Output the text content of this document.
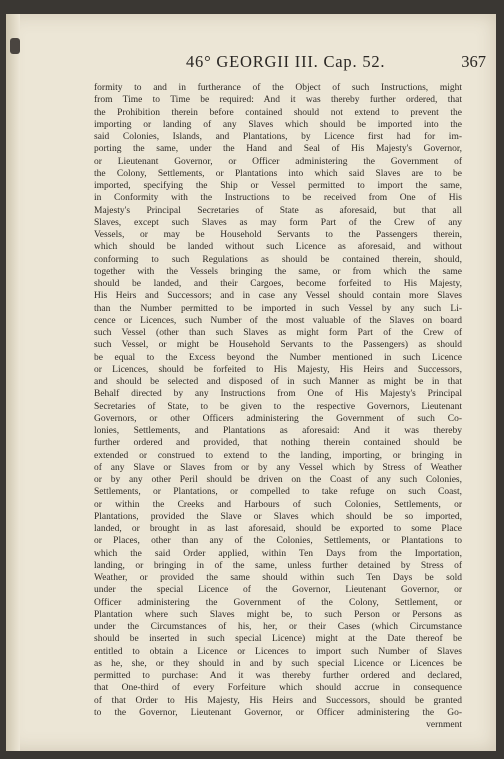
46° GEORGII III. Cap. 52.	367
formity to and in furtherance of the Object of such Instructions, might
from Time to Time be required: And it was thereby further ordered, that
the Prohibition therein before contained should not extend to prevent the
importing or landing of any Slaves which should be imported into the
said Colonies, Islands, and Plantations, by Licence first had for im-
porting the same, under the Hand and Seal of His Majesty's Governor,
or Lieutenant Governor, or Officer administering the Government of
the Colony, Settlements, or Plantations into which said Slaves are to be
imported, specifying the Ship or Vessel permitted to import the same,
in Conformity with the Instructions to be received from One of His
Majesty's Principal Secretaries of State as aforesaid, but that all
Slaves, except such Slaves as may form Part of the Crew of any
Vessels, or may be Household Servants to the Passengers therein,
which should be landed without such Licence as aforesaid, and without
conforming to such Regulations as should be contained therein, should,
together with the Vessels bringing the same, or from which the same
should be landed, and their Cargoes, become forfeited to His Majesty,
His Heirs and Successors; and in case any Vessel should contain more Slaves
than the Number permitted to be imported in such Vessel by any such Li-
cence or Licences, such Number of the most valuable of the Slaves on board
such Vessel (other than such Slaves as might form Part of the Crew of
such Vessel, or might be Household Servants to the Passengers) as should
be equal to the Excess beyond the Number mentioned in such Licence
or Licences, should be forfeited to His Majesty, His Heirs and Successors,
and should be selected and disposed of in such Manner as might be in that
Behalf directed by any Instructions from One of His Majesty's Principal
Secretaries of State, to be given to the respective Governors, Lieutenant
Governors, or other Officers administering the Government of such Co-
lonies, Settlements, and Plantations as aforesaid: And it was thereby
further ordered and provided, that nothing therein contained should be
extended or construed to extend to the landing, importing, or bringing in
of any Slave or Slaves from or by any Vessel which by Stress of Weather
or by any other Peril should be driven on the Coast of any such Colonies,
Settlements, or Plantations, or compelled to take refuge on such Coast,
or within the Creeks and Harbours of such Colonies, Settlements, or
Plantations, provided the Slave or Slaves which should be so imported,
landed, or brought in as last aforesaid, should be exported to some Place
or Places, other than any of the Colonies, Settlements, or Plantations to
which the said Order applied, within Ten Days from the Importation,
landing, or bringing in of the same, unless further detained by Stress of
Weather, or provided the same should within such Ten Days be sold
under the special Licence of the Governor, Lieutenant Governor, or
Officer administering the Government of the Colony, Settlement, or
Plantation where such Slaves might be, to such Person or Persons as
under the Circumstances of his, her, or their Cases (which Circumstance
should be inserted in such special Licence) might at the Date thereof be
entitled to obtain a Licence or Licences to import such Number of Slaves
as he, she, or they should in and by such special Licence or Licences be
permitted to purchase: And it was thereby further ordered and declared,
that One-third of every Forfeiture which should accrue in consequence
of that Order to His Majesty, His Heirs and Successors, should be granted
to the Governor, Lieutenant Governor, or Officer administering the Go-
vernment
